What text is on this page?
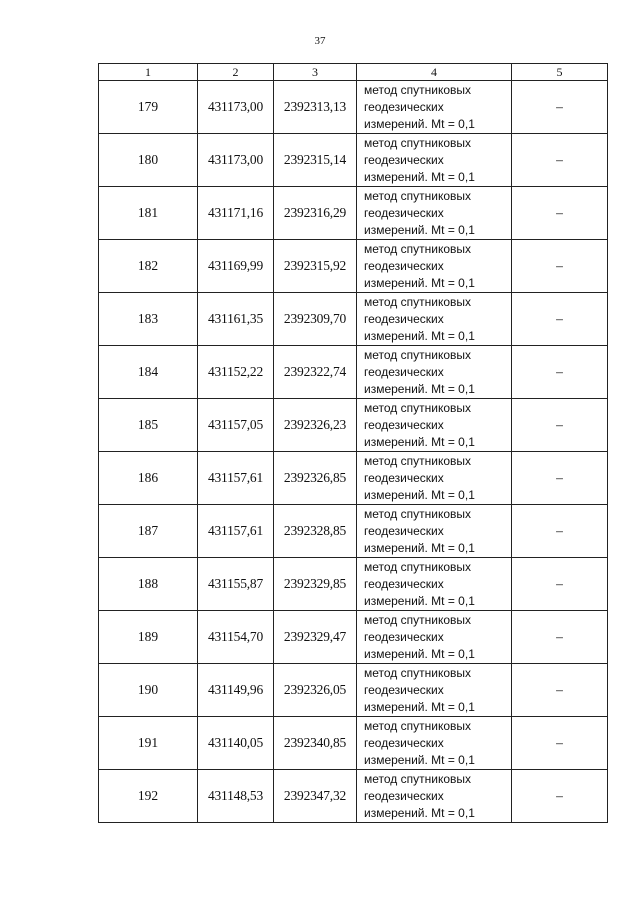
37
1	2	3	4	5
179	431173,00	2392313,13	метод спутниковых
геодезических
измерений. Mt = 0,1	–
180	431173,00	2392315,14	метод спутниковых
геодезических
измерений. Mt = 0,1	–
181	431171,16	2392316,29	метод спутниковых
геодезических
измерений. Mt = 0,1	–
182	431169,99	2392315,92	метод спутниковых
геодезических
измерений. Mt = 0,1	–
183	431161,35	2392309,70	метод спутниковых
геодезических
измерений. Mt = 0,1	–
184	431152,22	2392322,74	метод спутниковых
геодезических
измерений. Mt = 0,1	–
185	431157,05	2392326,23	метод спутниковых
геодезических
измерений. Mt = 0,1	–
186	431157,61	2392326,85	метод спутниковых
геодезических
измерений. Mt = 0,1	–
187	431157,61	2392328,85	метод спутниковых
геодезических
измерений. Mt = 0,1	–
188	431155,87	2392329,85	метод спутниковых
геодезических
измерений. Mt = 0,1	–
189	431154,70	2392329,47	метод спутниковых
геодезических
измерений. Mt = 0,1	–
190	431149,96	2392326,05	метод спутниковых
геодезических
измерений. Mt = 0,1	–
191	431140,05	2392340,85	метод спутниковых
геодезических
измерений. Mt = 0,1	–
192	431148,53	2392347,32	метод спутниковых
геодезических
измерений. Mt = 0,1	–
